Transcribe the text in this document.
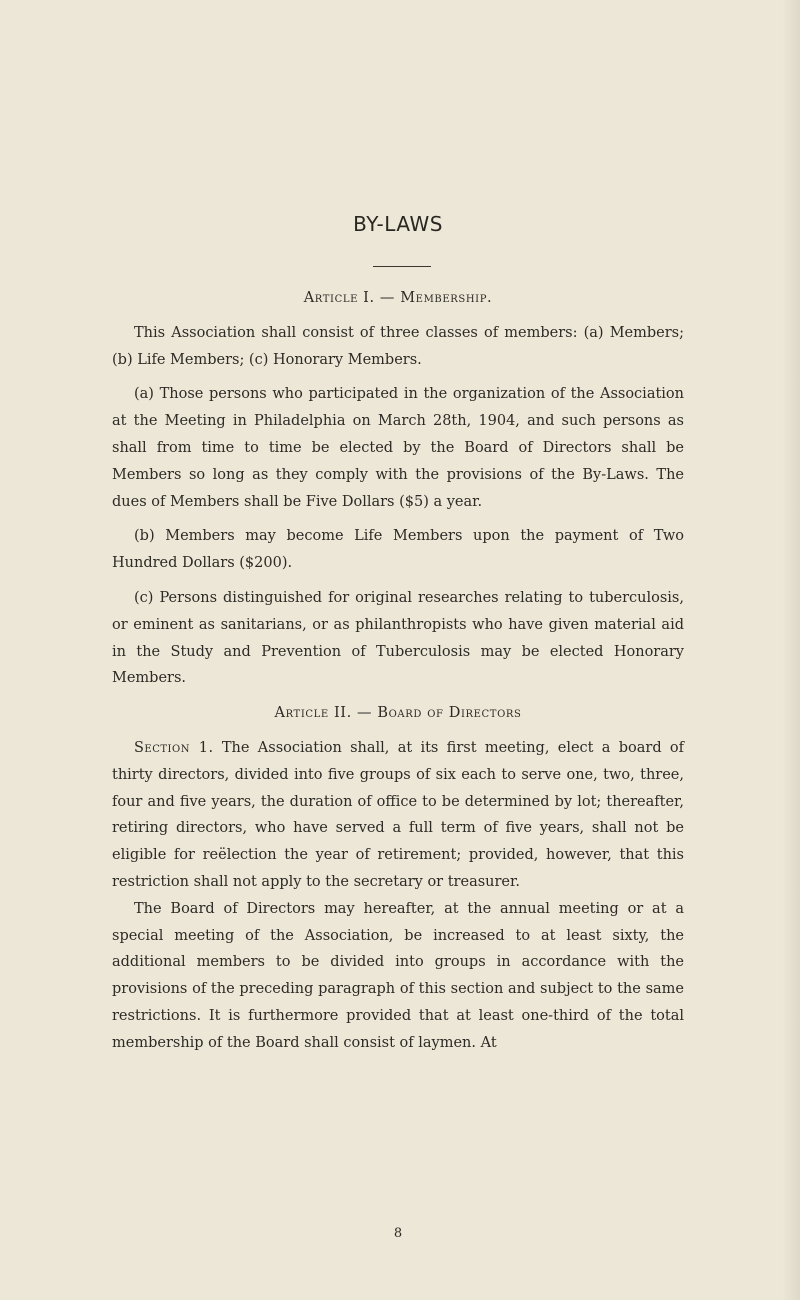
BY-LAWS
Article I. — Membership.

This Association shall consist of three classes of members: (a) Members; (b) Life Members; (c) Honorary Members.

(a) Those persons who participated in the organization of the Association at the Meeting in Philadelphia on March 28th, 1904, and such persons as shall from time to time be elected by the Board of Directors shall be Members so long as they comply with the provisions of the By-Laws. The dues of Members shall be Five Dollars ($5) a year.

(b) Members may become Life Members upon the payment of Two Hundred Dollars ($200).

(c) Persons distinguished for original researches relating to tuberculosis, or eminent as sanitarians, or as philanthropists who have given material aid in the Study and Prevention of Tuberculosis may be elected Honorary Members.

Article II. — Board of Directors

Section 1. The Association shall, at its first meeting, elect a board of thirty directors, divided into five groups of six each to serve one, two, three, four and five years, the duration of office to be determined by lot; thereafter, retiring directors, who have served a full term of five years, shall not be eligible for reëlection the year of retirement; provided, however, that this restriction shall not apply to the secretary or treasurer.

The Board of Directors may hereafter, at the annual meeting or at a special meeting of the Association, be increased to at least sixty, the additional members to be divided into groups in accordance with the provisions of the preceding paragraph of this section and subject to the same restrictions. It is furthermore provided that at least one-third of the total membership of the Board shall consist of laymen. At

8
